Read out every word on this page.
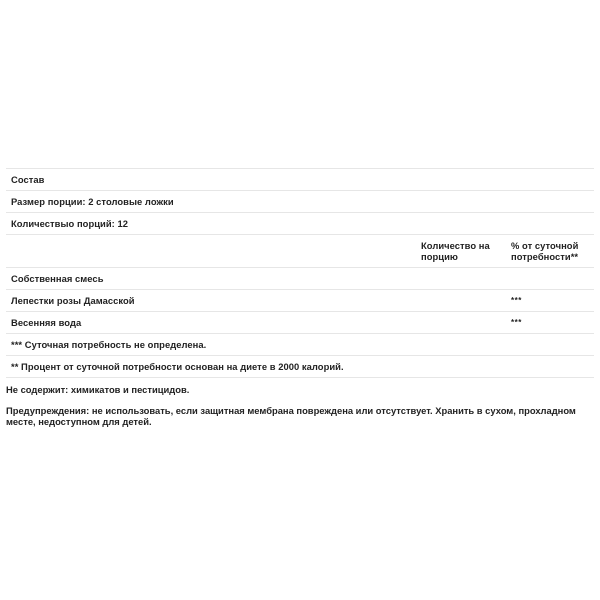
Состав		
Размер порции: 2 столовые ложки		
Количествыо порций: 12		
	Количество на порцию	% от суточной потребности**
Собственная смесь		
Лепестки розы Дамасской		***
Весенняя вода		***
*** Суточная потребность не определена.		
** Процент от суточной потребности основан на диете в 2000 калорий.		

Не содержит: химикатов и пестицидов.

Предупреждения: не использовать, если защитная мембрана повреждена или отсутствует. Хранить в сухом, прохладном месте, недоступном для детей.
